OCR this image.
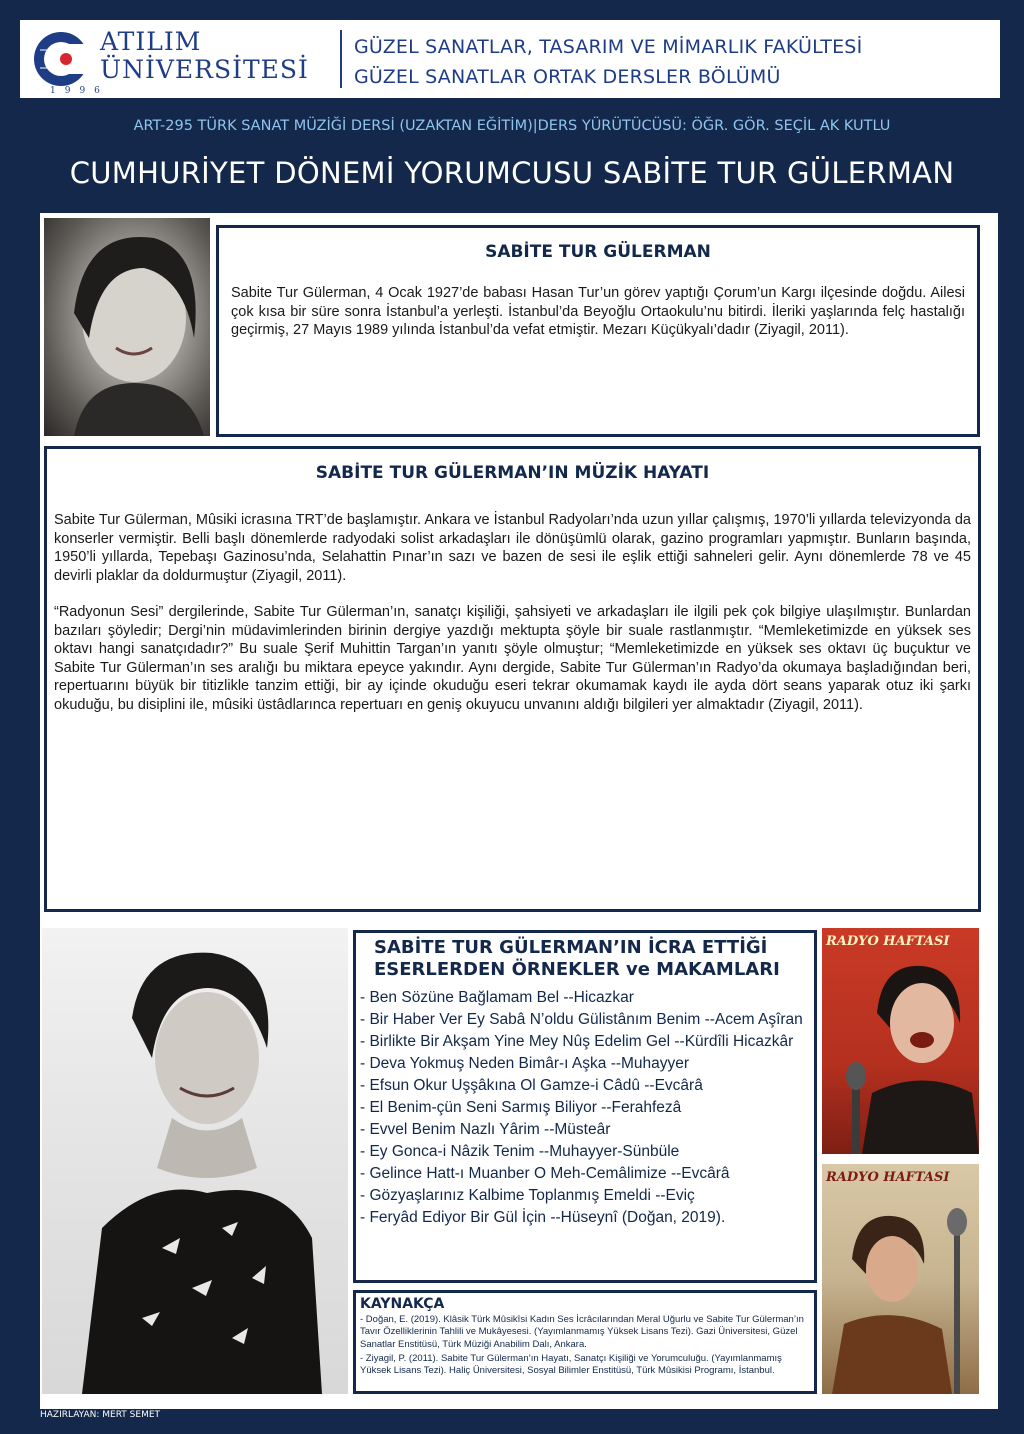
ATILIM
ÜNİVERSİTESİ
1996
GÜZEL SANATLAR, TASARIM VE MİMARLIK FAKÜLTESİ
GÜZEL SANATLAR ORTAK DERSLER BÖLÜMÜ
ART-295 TÜRK SANAT MÜZİĞİ DERSİ (UZAKTAN EĞİTİM)|DERS YÜRÜTÜCÜSÜ: ÖĞR. GÖR. SEÇİL AK KUTLU
CUMHURİYET DÖNEMİ YORUMCUSU SABİTE TUR GÜLERMAN
SABİTE TUR GÜLERMAN

Sabite Tur Gülerman, 4 Ocak 1927’de babası Hasan Tur’un görev yaptığı Çorum’un Kargı ilçesinde doğdu. Ailesi çok kısa bir süre sonra İstanbul’a yerleşti. İstanbul’da Beyoğlu Ortaokulu’nu bitirdi. İleriki yaşlarında felç hastalığı geçirmiş, 27 Mayıs 1989 yılında İstanbul’da vefat etmiştir. Mezarı Küçükyalı’dadır (Ziyagil, 2011).

SABİTE TUR GÜLERMAN’IN MÜZİK HAYATI

Sabite Tur Gülerman, Mûsiki icrasına TRT’de başlamıştır. Ankara ve İstanbul Radyoları’nda uzun yıllar çalışmış, 1970’li yıllarda televizyonda da konserler vermiştir. Belli başlı dönemlerde radyodaki solist arkadaşları ile dönüşümlü olarak, gazino programları yapmıştır. Bunların başında, 1950’li yıllarda, Tepebaşı Gazinosu’nda, Selahattin Pınar’ın sazı ve bazen de sesi ile eşlik ettiği sahneleri gelir. Aynı dönemlerde 78 ve 45 devirli plaklar da doldurmuştur (Ziyagil, 2011).

“Radyonun Sesi” dergilerinde, Sabite Tur Gülerman’ın, sanatçı kişiliği, şahsiyeti ve arkadaşları ile ilgili pek çok bilgiye ulaşılmıştır. Bunlardan bazıları şöyledir; Dergi’nin müdavimlerinden birinin dergiye yazdığı mektupta şöyle bir suale rastlanmıştır. “Memleketimizde en yüksek ses oktavı hangi sanatçıdadır?” Bu suale Şerif Muhittin Targan’ın yanıtı şöyle olmuştur; “Memleketimizde en yüksek ses oktavı üç buçuktur ve Sabite Tur Gülerman’ın ses aralığı bu miktara epeyce yakındır. Aynı dergide, Sabite Tur Gülerman’ın Radyo’da okumaya başladığından beri, repertuarını büyük bir titizlikle tanzim ettiği, bir ay içinde okuduğu eseri tekrar okumamak kaydı ile ayda dört seans yaparak otuz iki şarkı okuduğu, bu disiplini ile, mûsiki üstâdlarınca repertuarı en geniş okuyucu unvanını aldığı bilgileri yer almaktadır (Ziyagil, 2011).

SABİTE TUR GÜLERMAN’IN İCRA ETTİĞİ
ESERLERDEN ÖRNEKLER ve MAKAMLARI
- Ben Sözüne Bağlamam Bel --Hicazkar
- Bir Haber Ver Ey Sabâ N’oldu Gülistânım Benim --Acem Aşîran
- Birlikte Bir Akşam Yine Mey Nûş Edelim Gel --Kürdîli Hicazkâr
- Deva Yokmuş Neden Bimâr-ı Aşka --Muhayyer
- Efsun Okur Uşşâkına Ol Gamze-i Câdû --Evcârâ
- El Benim-çün Seni Sarmış Biliyor --Ferahfezâ
- Evvel Benim Nazlı Yârim --Müsteâr
- Ey Gonca-i Nâzik Tenim --Muhayyer-Sünbüle
- Gelince Hatt-ı Muanber O Meh-Cemâlimize --Evcârâ
- Gözyaşlarınız Kalbime Toplanmış Emeldi --Eviç
- Feryâd Ediyor Bir Gül İçin --Hüseynî (Doğan, 2019).
KAYNAKÇA

- Doğan, E. (2019). Klâsik Türk Mûsikîsi Kadın Ses İcrâcılarından Meral Uğurlu ve Sabite Tur Gülerman’ın Tavır Özelliklerinin Tahlili ve Mukâyesesi. (Yayımlanmamış Yüksek Lisans Tezi). Gazi Üniversitesi, Güzel Sanatlar Enstitüsü, Türk Müziği Anabilim Dalı, Ankara.

- Ziyagil, P. (2011). Sabite Tur Gülerman’ın Hayatı, Sanatçı Kişiliği ve Yorumculuğu. (Yayımlanmamış Yüksek Lisans Tezi). Haliç Üniversitesi, Sosyal Bilimler Enstitüsü, Türk Mûsikisi Programı, İstanbul.

RADYO HAFTASI
RADYO HAFTASI
HAZIRLAYAN: MERT SEMET
